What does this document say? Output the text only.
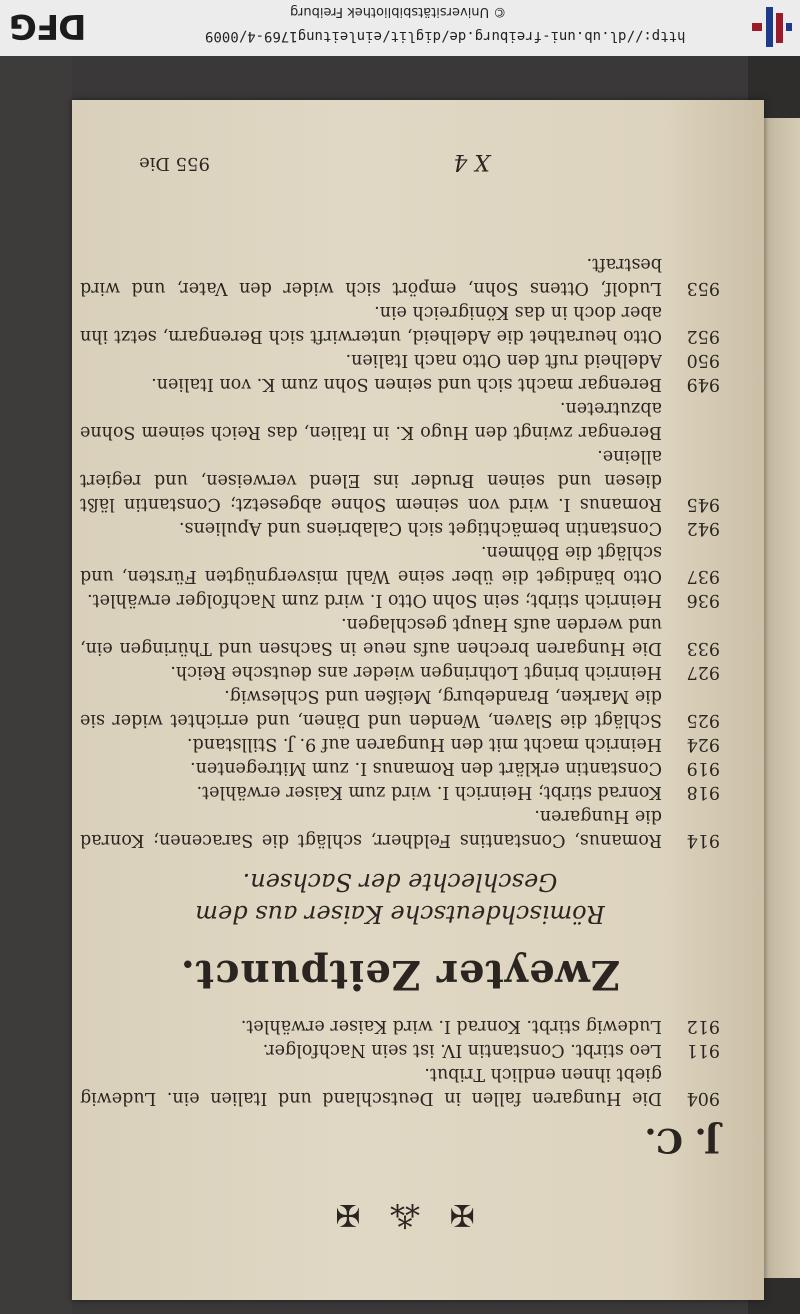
DFG	© Universitätsbibliothek Freiburg
http://dl.ub.uni-freiburg.de/diglit/einleitung1769-4/0009
✠ ⁂ ✠
J. C.
904
Die Hungaren fallen in Deutschland und Italien ein. Ludewig giebt ihnen endlich Tribut.
911
Leo stirbt. Constantin IV. ist sein Nachfolger.
912
Ludewig stirbt. Konrad I. wird Kaiser erwählet.
Zweyter Zeitpunct.
Römischdeutsche Kaiser aus dem Geschlechte der Sachsen.
914
Romanus, Constantins Feldherr, schlägt die Saracenen; Konrad die Hungaren.
918
Konrad stirbt; Heinrich I. wird zum Kaiser erwählet.
919
Constantin erklärt den Romanus I. zum Mitregenten.
924
Heinrich macht mit den Hungaren auf 9. J. Stillstand.
925
Schlägt die Slaven, Wenden und Dänen, und errichtet wider sie die Marken, Brandeburg, Meißen und Schleswig.
927
Heinrich bringt Lothringen wieder ans deutsche Reich.
933
Die Hungaren brechen aufs neue in Sachsen und Thüringen ein, und werden aufs Haupt geschlagen.
936
Heinrich stirbt; sein Sohn Otto I. wird zum Nachfolger erwählet.
937
Otto bändiget die über seine Wahl misvergnügten Fürsten, und schlägt die Böhmen.
942
Constantin bemächtiget sich Calabriens und Apuliens.
945
Romanus I. wird von seinem Sohne abgesetzt; Constantin läßt diesen und seinen Bruder ins Elend verweisen, und regiert alleine.
Berengar zwingt den Hugo K. in Italien, das Reich seinem Sohne abzutreten.
949
Berengar macht sich und seinen Sohn zum K. von Italien.
950
Adelheid ruft den Otto nach Italien.
952
Otto heurathet die Adelheid, unterwirft sich Berengarn, setzt ihn aber doch in das Königreich ein.
953
Ludolf, Ottens Sohn, empört sich wider den Vater, und wird bestraft.
X 4
955 Die
